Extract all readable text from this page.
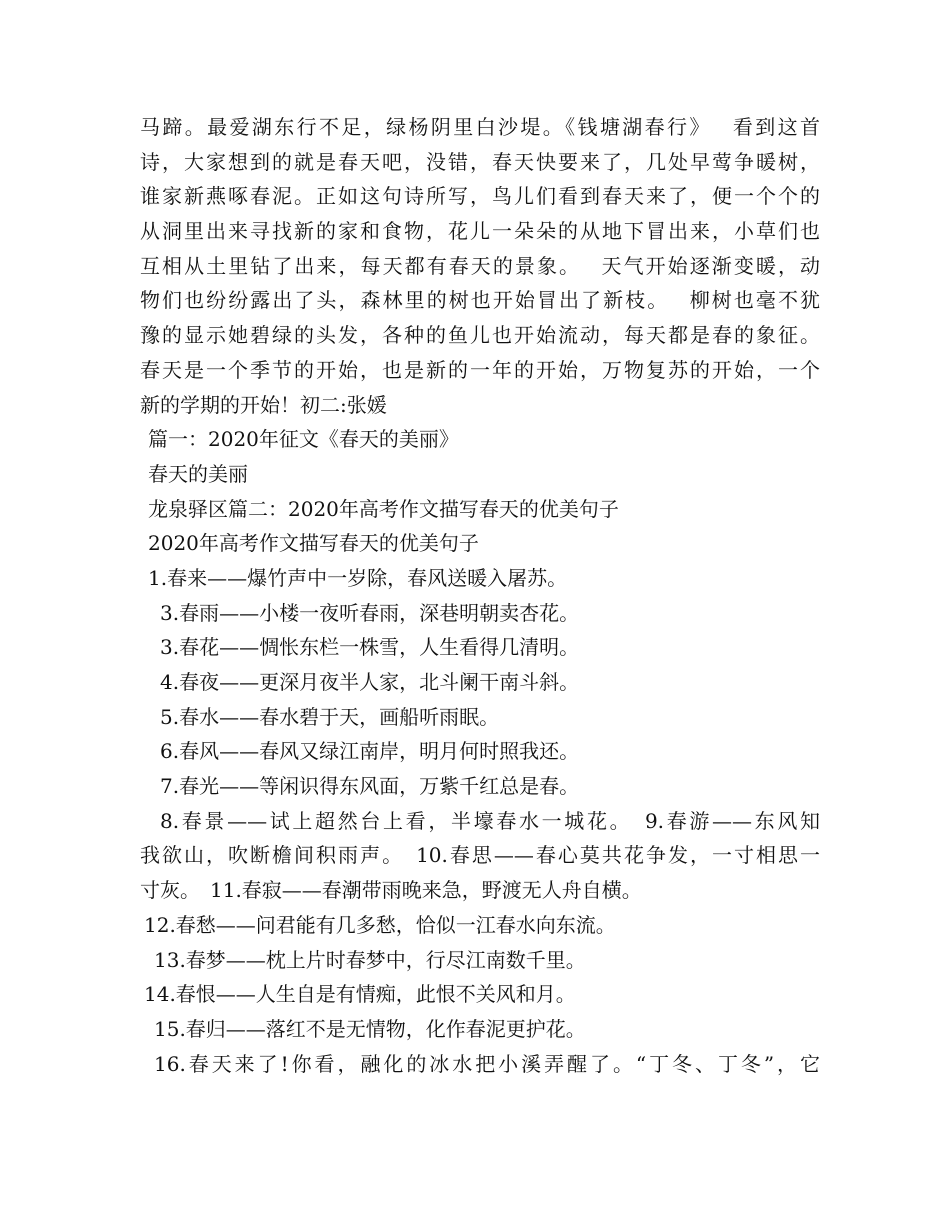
马蹄。最爱湖东行不足，绿杨阴里白沙堤。《钱塘湖春行》　 看到这首
诗，大家想到的就是春天吧，没错，春天快要来了，几处早莺争暖树，
谁家新燕啄春泥。正如这句诗所写，鸟儿们看到春天来了，便一个个的
从洞里出来寻找新的家和食物，花儿一朵朵的从地下冒出来，小草们也
互相从土里钻了出来，每天都有春天的景象。　 天气开始逐渐变暖，动
物们也纷纷露出了头，森林里的树也开始冒出了新枝。　 柳树也毫不犹
豫的显示她碧绿的头发，各种的鱼儿也开始流动，每天都是春的象征。
春天是一个季节的开始，也是新的一年的开始，万物复苏的开始，一个
新的学期的开始！初二:张媛
篇一：2020年征文《春天的美丽》
春天的美丽
龙泉驿区篇二：2020年高考作文描写春天的优美句子
2020年高考作文描写春天的优美句子
1.春来——爆竹声中一岁除，春风送暖入屠苏。
3.春雨——小楼一夜听春雨，深巷明朝卖杏花。
3.春花——惆怅东栏一株雪，人生看得几清明。
4.春夜——更深月夜半人家，北斗阑干南斗斜。
5.春水——春水碧于天，画船听雨眠。
6.春风——春风又绿江南岸，明月何时照我还。
7.春光——等闲识得东风面，万紫千红总是春。
8.春景——试上超然台上看，半壕春水一城花。　9.春游——东风知
我欲山，吹断檐间积雨声。　10.春思——春心莫共花争发，一寸相思一
寸灰。　11.春寂——春潮带雨晚来急，野渡无人舟自横。
12.春愁——问君能有几多愁，恰似一江春水向东流。
13.春梦——枕上片时春梦中，行尽江南数千里。
14.春恨——人生自是有情痴，此恨不关风和月。
15.春归——落红不是无情物，化作春泥更护花。
16.春天来了!你看，融化的冰水把小溪弄醒了。“丁冬、丁冬”，它
